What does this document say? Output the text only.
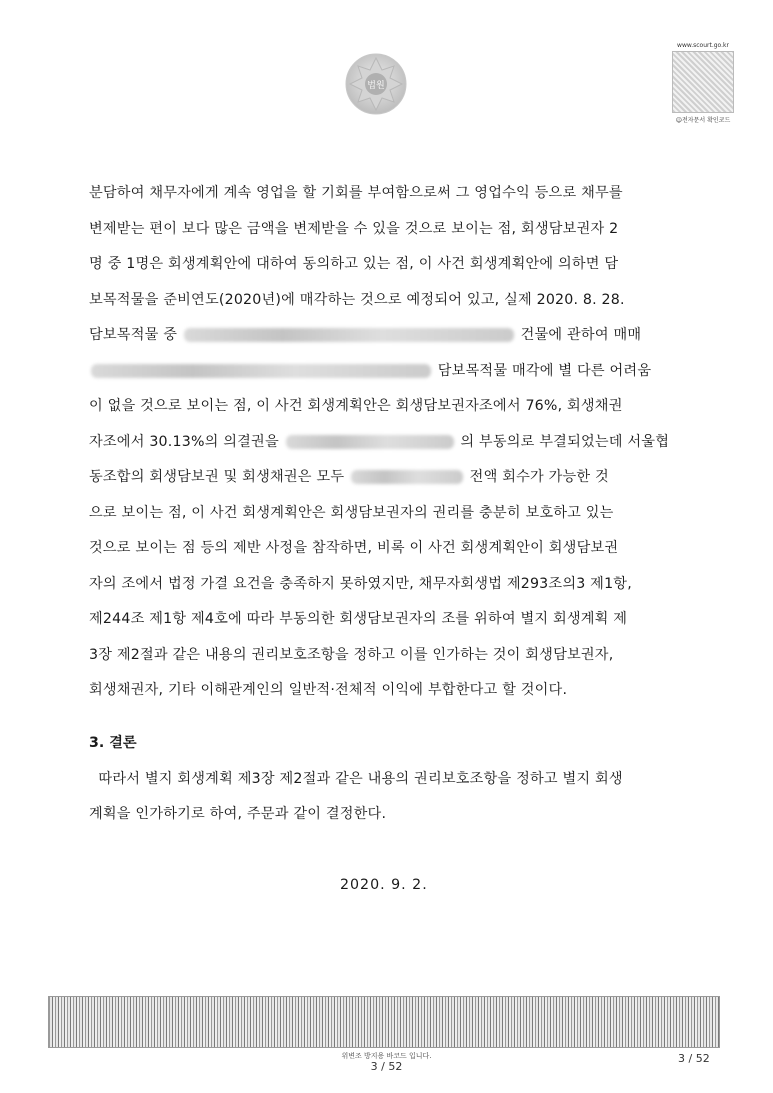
법원
www.scourt.go.kr
☺전자문서 확인코드
분담하여 채무자에게 계속 영업을 할 기회를 부여함으로써 그 영업수익 등으로 채무를
변제받는 편이 보다 많은 금액을 변제받을 수 있을 것으로 보이는 점, 회생담보권자 2
명 중 1명은 회생계획안에 대하여 동의하고 있는 점, 이 사건 회생계획안에 의하면 담
보목적물을 준비연도(2020년)에 매각하는 것으로 예정되어 있고, 실제 2020. 8. 28.
담보목적물 중	건물에 관하여 매매
담보목적물 매각에 별 다른 어려움
이 없을 것으로 보이는 점, 이 사건 회생계획안은 회생담보권자조에서 76%, 회생채권
자조에서 30.13%의 의결권을	의 부동의로 부결되었는데 서울협
동조합의 회생담보권 및 회생채권은 모두	전액 회수가 가능한 것
으로 보이는 점, 이 사건 회생계획안은 회생담보권자의 권리를 충분히 보호하고 있는
것으로 보이는 점 등의 제반 사정을 참작하면, 비록 이 사건 회생계획안이 회생담보권
자의 조에서 법정 가결 요건을 충족하지 못하였지만, 채무자회생법 제293조의3 제1항,
제244조 제1항 제4호에 따라 부동의한 회생담보권자의 조를 위하여 별지 회생계획 제
3장 제2절과 같은 내용의 권리보호조항을 정하고 이를 인가하는 것이 회생담보권자,
회생채권자, 기타 이해관계인의 일반적·전체적 이익에 부합한다고 할 것이다.
3. 결론
따라서 별지 회생계획 제3장 제2절과 같은 내용의 권리보호조항을 정하고 별지 회생
계획을 인가하기로 하여, 주문과 같이 결정한다.
2020. 9. 2.
위변조 방지용 바코드 입니다.
3 / 52
3 / 52
